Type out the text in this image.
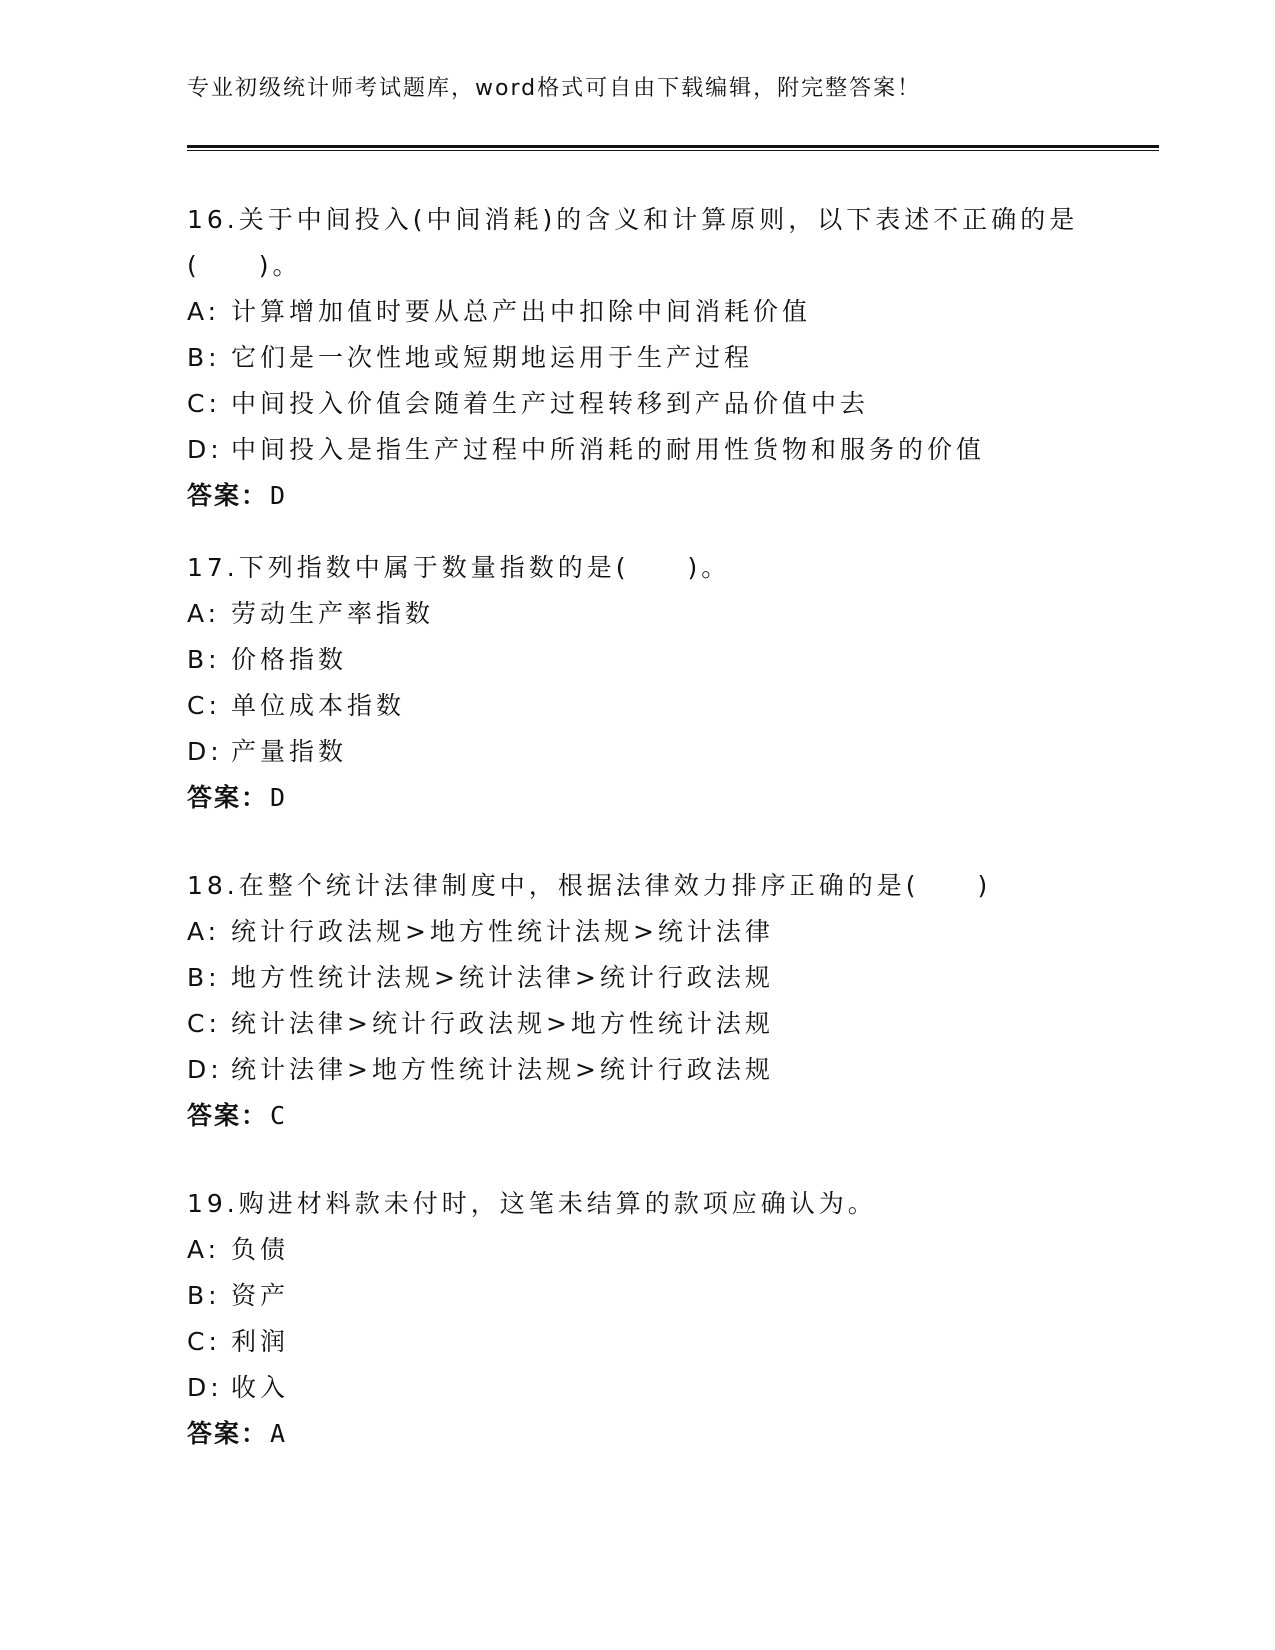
专业初级统计师考试题库，word格式可自由下载编辑，附完整答案！
16.关于中间投入(中间消耗)的含义和计算原则，以下表述不正确的是
(　　)。
A: 计算增加值时要从总产出中扣除中间消耗价值
B: 它们是一次性地或短期地运用于生产过程
C: 中间投入价值会随着生产过程转移到产品价值中去
D: 中间投入是指生产过程中所消耗的耐用性货物和服务的价值
答案：D
17.下列指数中属于数量指数的是(　　)。
A: 劳动生产率指数
B: 价格指数
C: 单位成本指数
D: 产量指数
答案：D
18.在整个统计法律制度中，根据法律效力排序正确的是(　　)
A: 统计行政法规>地方性统计法规>统计法律
B: 地方性统计法规>统计法律>统计行政法规
C: 统计法律>统计行政法规>地方性统计法规
D: 统计法律>地方性统计法规>统计行政法规
答案：C
19.购进材料款未付时，这笔未结算的款项应确认为。
A: 负债
B: 资产
C: 利润
D: 收入
答案：A
